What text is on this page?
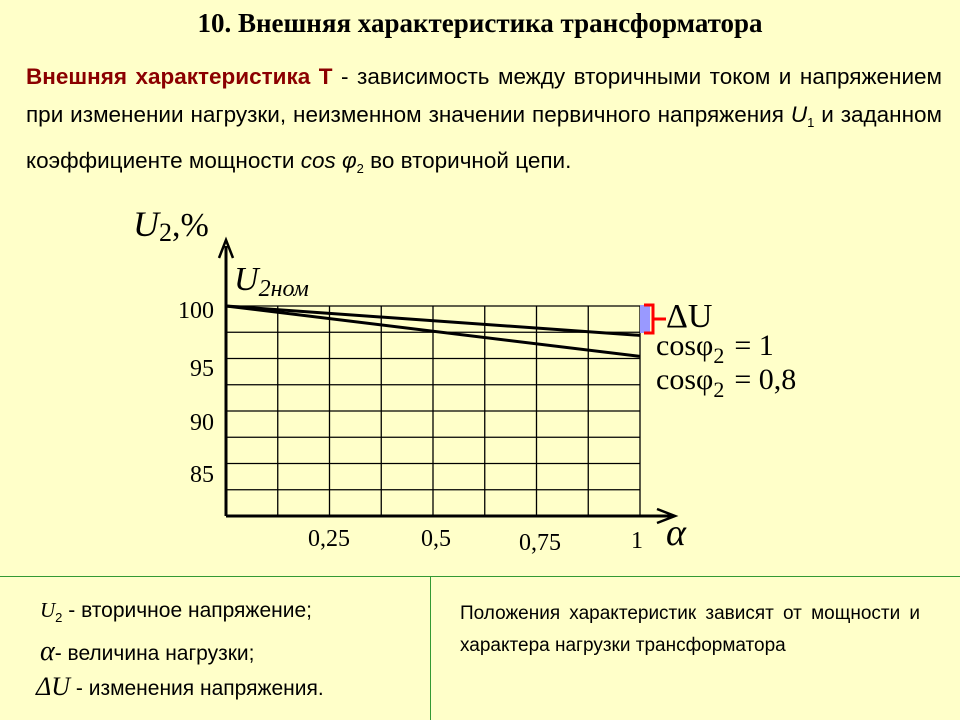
10. Внешняя характеристика трансформатора
Внешняя характеристика Т - зависимость между вторичными током и напряжением при изменении нагрузки, неизменном значении первичного напряжения $U_1$ и заданном коэффициенте мощности $\cos \varphi_2$ во вторичной цепи.
0,25	0,5	0,75	1
100
95
90
85
U2,%
α
U2ном
ΔU
cosφ$_2$ = 1
cosφ$_2$ = 0,8
$U_2$ - вторичное напряжение;
α- величина нагрузки;
ΔU - изменения напряжения.
Положения характеристик зависят от мощности и характера нагрузки трансформатора
